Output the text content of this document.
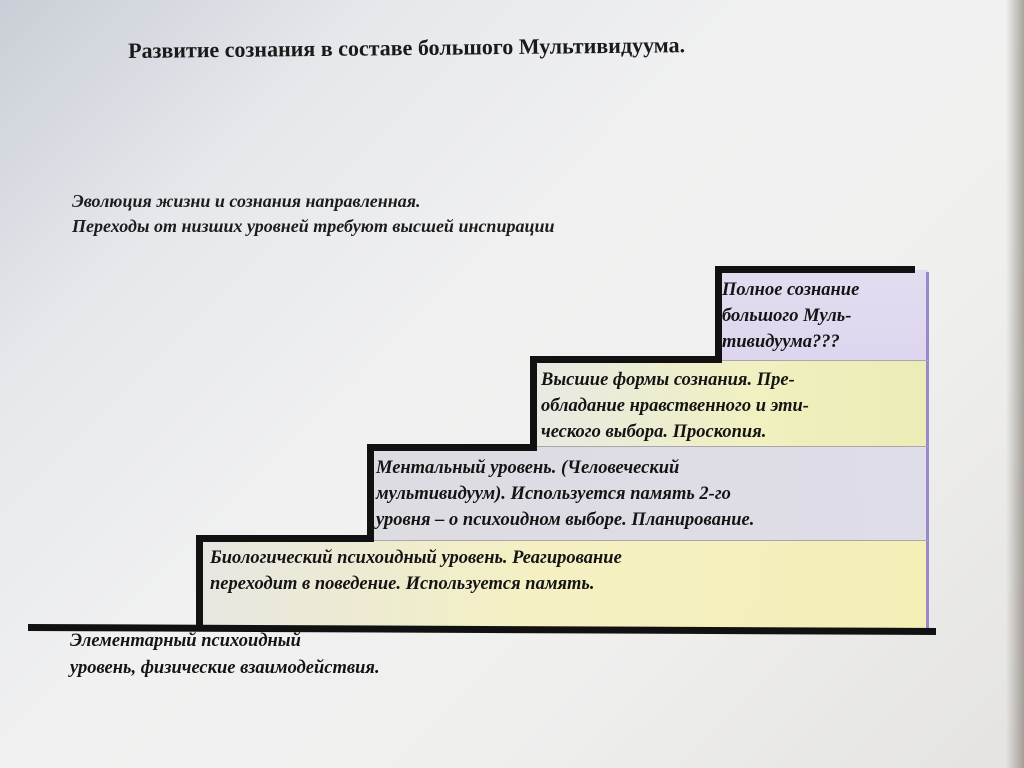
Развитие сознания в составе большого Мультивидуума.
Эволюция жизни и сознания направленная.
Переходы от низших уровней требуют высшей инспирации
Полное сознание
большого Муль-
тивидуума???
Высшие формы сознания. Пре-
обладание нравственного и эти-
ческого выбора. Проскопия.
Ментальный уровень. (Человеческий
мультивидуум). Используется память 2-го
уровня – о психоидном выборе. Планирование.
Биологический психоидный уровень. Реагирование
переходит в поведение. Используется память.
Элементарный психоидный
уровень, физические взаимодействия.
